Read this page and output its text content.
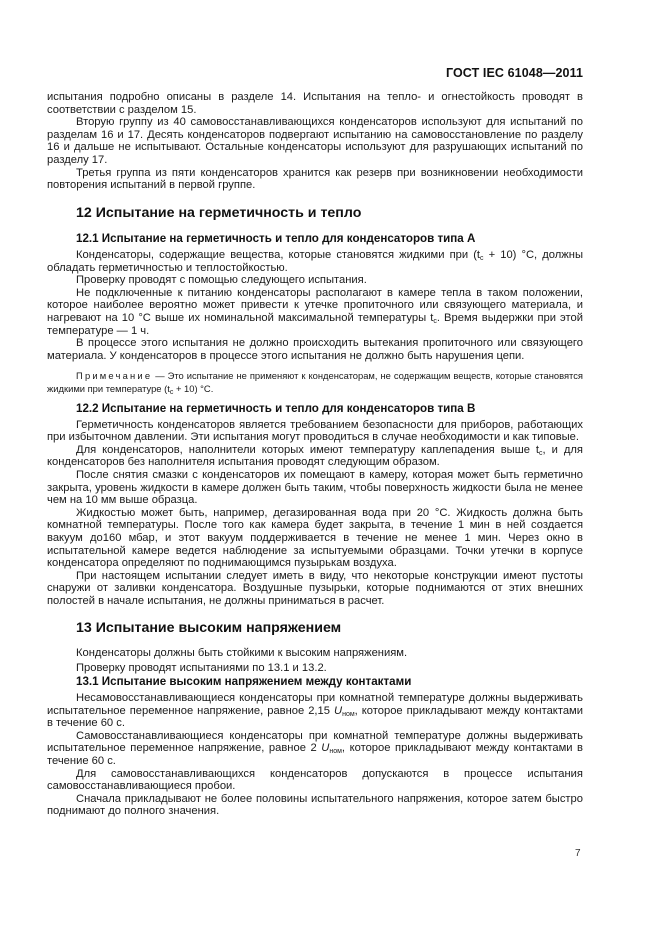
ГОСТ IEC 61048—2011

испытания подробно описаны в разделе 14. Испытания на тепло- и огнестойкость проводят в соответствии с разделом 15.

Вторую группу из 40 самовосстанавливающихся конденсаторов используют для испытаний по разделам 16 и 17. Десять конденсаторов подвергают испытанию на самовосстановление по разделу 16 и дальше не испытывают. Остальные конденсаторы используют для разрушающих испытаний по разделу 17.

Третья группа из пяти конденсаторов хранится как резерв при возникновении необходимости повторения испытаний в первой группе.

12 Испытание на герметичность и тепло
12.1 Испытание на герметичность и тепло для конденсаторов типа А

Конденсаторы, содержащие вещества, которые становятся жидкими при $(t_c + 10)$ °C, должны обладать герметичностью и теплостойкостью.

Проверку проводят с помощью следующего испытания.

Не подключенные к питанию конденсаторы располагают в камере тепла в таком положении, которое наиболее вероятно может привести к утечке пропиточного или связующего материала, и нагревают на 10 °C выше их номинальной максимальной температуры $t_c$. Время выдержки при этой температуре — 1 ч.

В процессе этого испытания не должно происходить вытекания пропиточного или связующего материала. У конденсаторов в процессе этого испытания не должно быть нарушения цепи.

Примечание — Это испытание не применяют к конденсаторам, не содержащим веществ, которые становятся жидкими при температуре $(t_c + 10)$ °C.

12.2 Испытание на герметичность и тепло для конденсаторов типа В

Герметичность конденсаторов является требованием безопасности для приборов, работающих при избыточном давлении. Эти испытания могут проводиться в случае необходимости и как типовые.

Для конденсаторов, наполнители которых имеют температуру каплепадения выше $t_c$, и для конденсаторов без наполнителя испытания проводят следующим образом.

После снятия смазки с конденсаторов их помещают в камеру, которая может быть герметично закрыта, уровень жидкости в камере должен быть таким, чтобы поверхность жидкости была не менее чем на 10 мм выше образца.

Жидкостью может быть, например, дегазированная вода при 20 °C. Жидкость должна быть комнатной температуры. После того как камера будет закрыта, в течение 1 мин в ней создается вакуум до160 мбар, и этот вакуум поддерживается в течение не менее 1 мин. Через окно в испытательной камере ведется наблюдение за испытуемыми образцами. Точки утечки в корпусе конденсатора определяют по поднимающимся пузырькам воздуха.

При настоящем испытании следует иметь в виду, что некоторые конструкции имеют пустоты снаружи от заливки конденсатора. Воздушные пузырьки, которые поднимаются от этих внешних полостей в начале испытания, не должны приниматься в расчет.

13 Испытание высоким напряжением

Конденсаторы должны быть стойкими к высоким напряжениям.

Проверку проводят испытаниями по 13.1 и 13.2.

13.1 Испытание высоким напряжением между контактами

Несамовосстанавливающиеся конденсаторы при комнатной температуре должны выдерживать испытательное переменное напряжение, равное 2,15 $U_{ном}$, которое прикладывают между контактами в течение 60 с.

Самовосстанавливающиеся конденсаторы при комнатной температуре должны выдерживать испытательное переменное напряжение, равное 2 $U_{ном}$, которое прикладывают между контактами в течение 60 с.

Для самовосстанавливающихся конденсаторов допускаются в процессе испытания самовосстанавливающиеся пробои.

Сначала прикладывают не более половины испытательного напряжения, которое затем быстро поднимают до полного значения.

7
